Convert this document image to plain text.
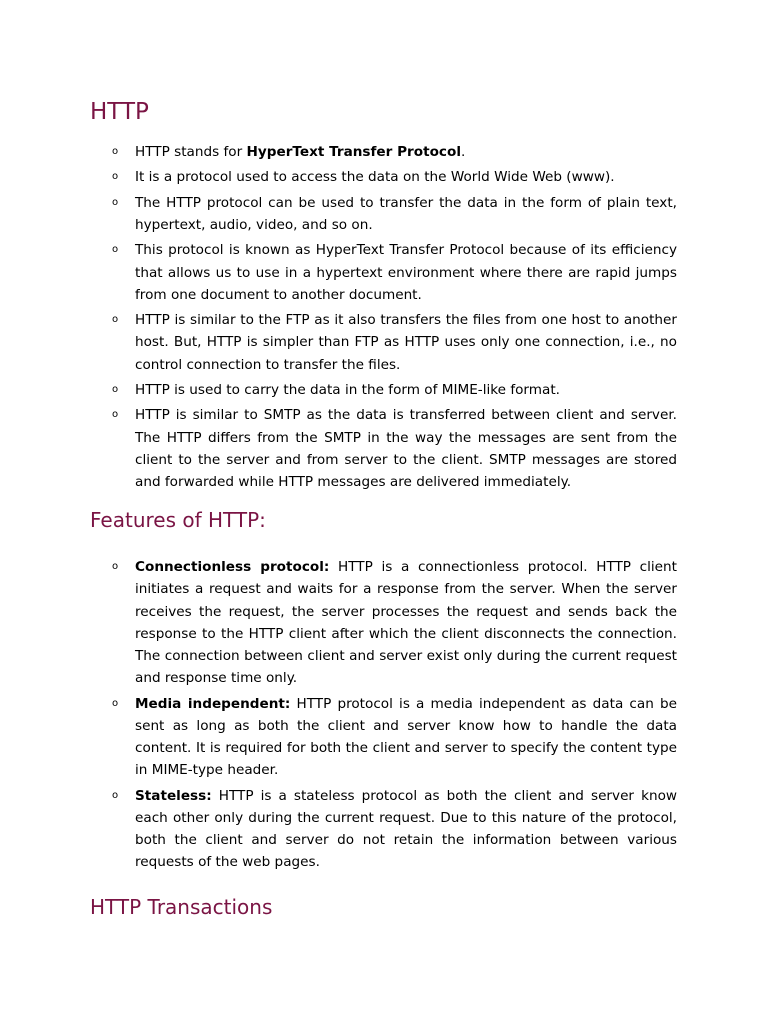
HTTP
o HTTP stands for HyperText Transfer Protocol.
o It is a protocol used to access the data on the World Wide Web (www).
o The HTTP protocol can be used to transfer the data in the form of plain text, hypertext, audio, video, and so on.
o This protocol is known as HyperText Transfer Protocol because of its efficiency that allows us to use in a hypertext environment where there are rapid jumps from one document to another document.
o HTTP is similar to the FTP as it also transfers the files from one host to another host. But, HTTP is simpler than FTP as HTTP uses only one connection, i.e., no control connection to transfer the files.
o HTTP is used to carry the data in the form of MIME-like format.
o HTTP is similar to SMTP as the data is transferred between client and server. The HTTP differs from the SMTP in the way the messages are sent from the client to the server and from server to the client. SMTP messages are stored and forwarded while HTTP messages are delivered immediately.
Features of HTTP:
o Connectionless protocol: HTTP is a connectionless protocol. HTTP client initiates a request and waits for a response from the server. When the server receives the request, the server processes the request and sends back the response to the HTTP client after which the client disconnects the connection. The connection between client and server exist only during the current request and response time only.
o Media independent: HTTP protocol is a media independent as data can be sent as long as both the client and server know how to handle the data content. It is required for both the client and server to specify the content type in MIME-type header.
o Stateless: HTTP is a stateless protocol as both the client and server know each other only during the current request. Due to this nature of the protocol, both the client and server do not retain the information between various requests of the web pages.
HTTP Transactions
